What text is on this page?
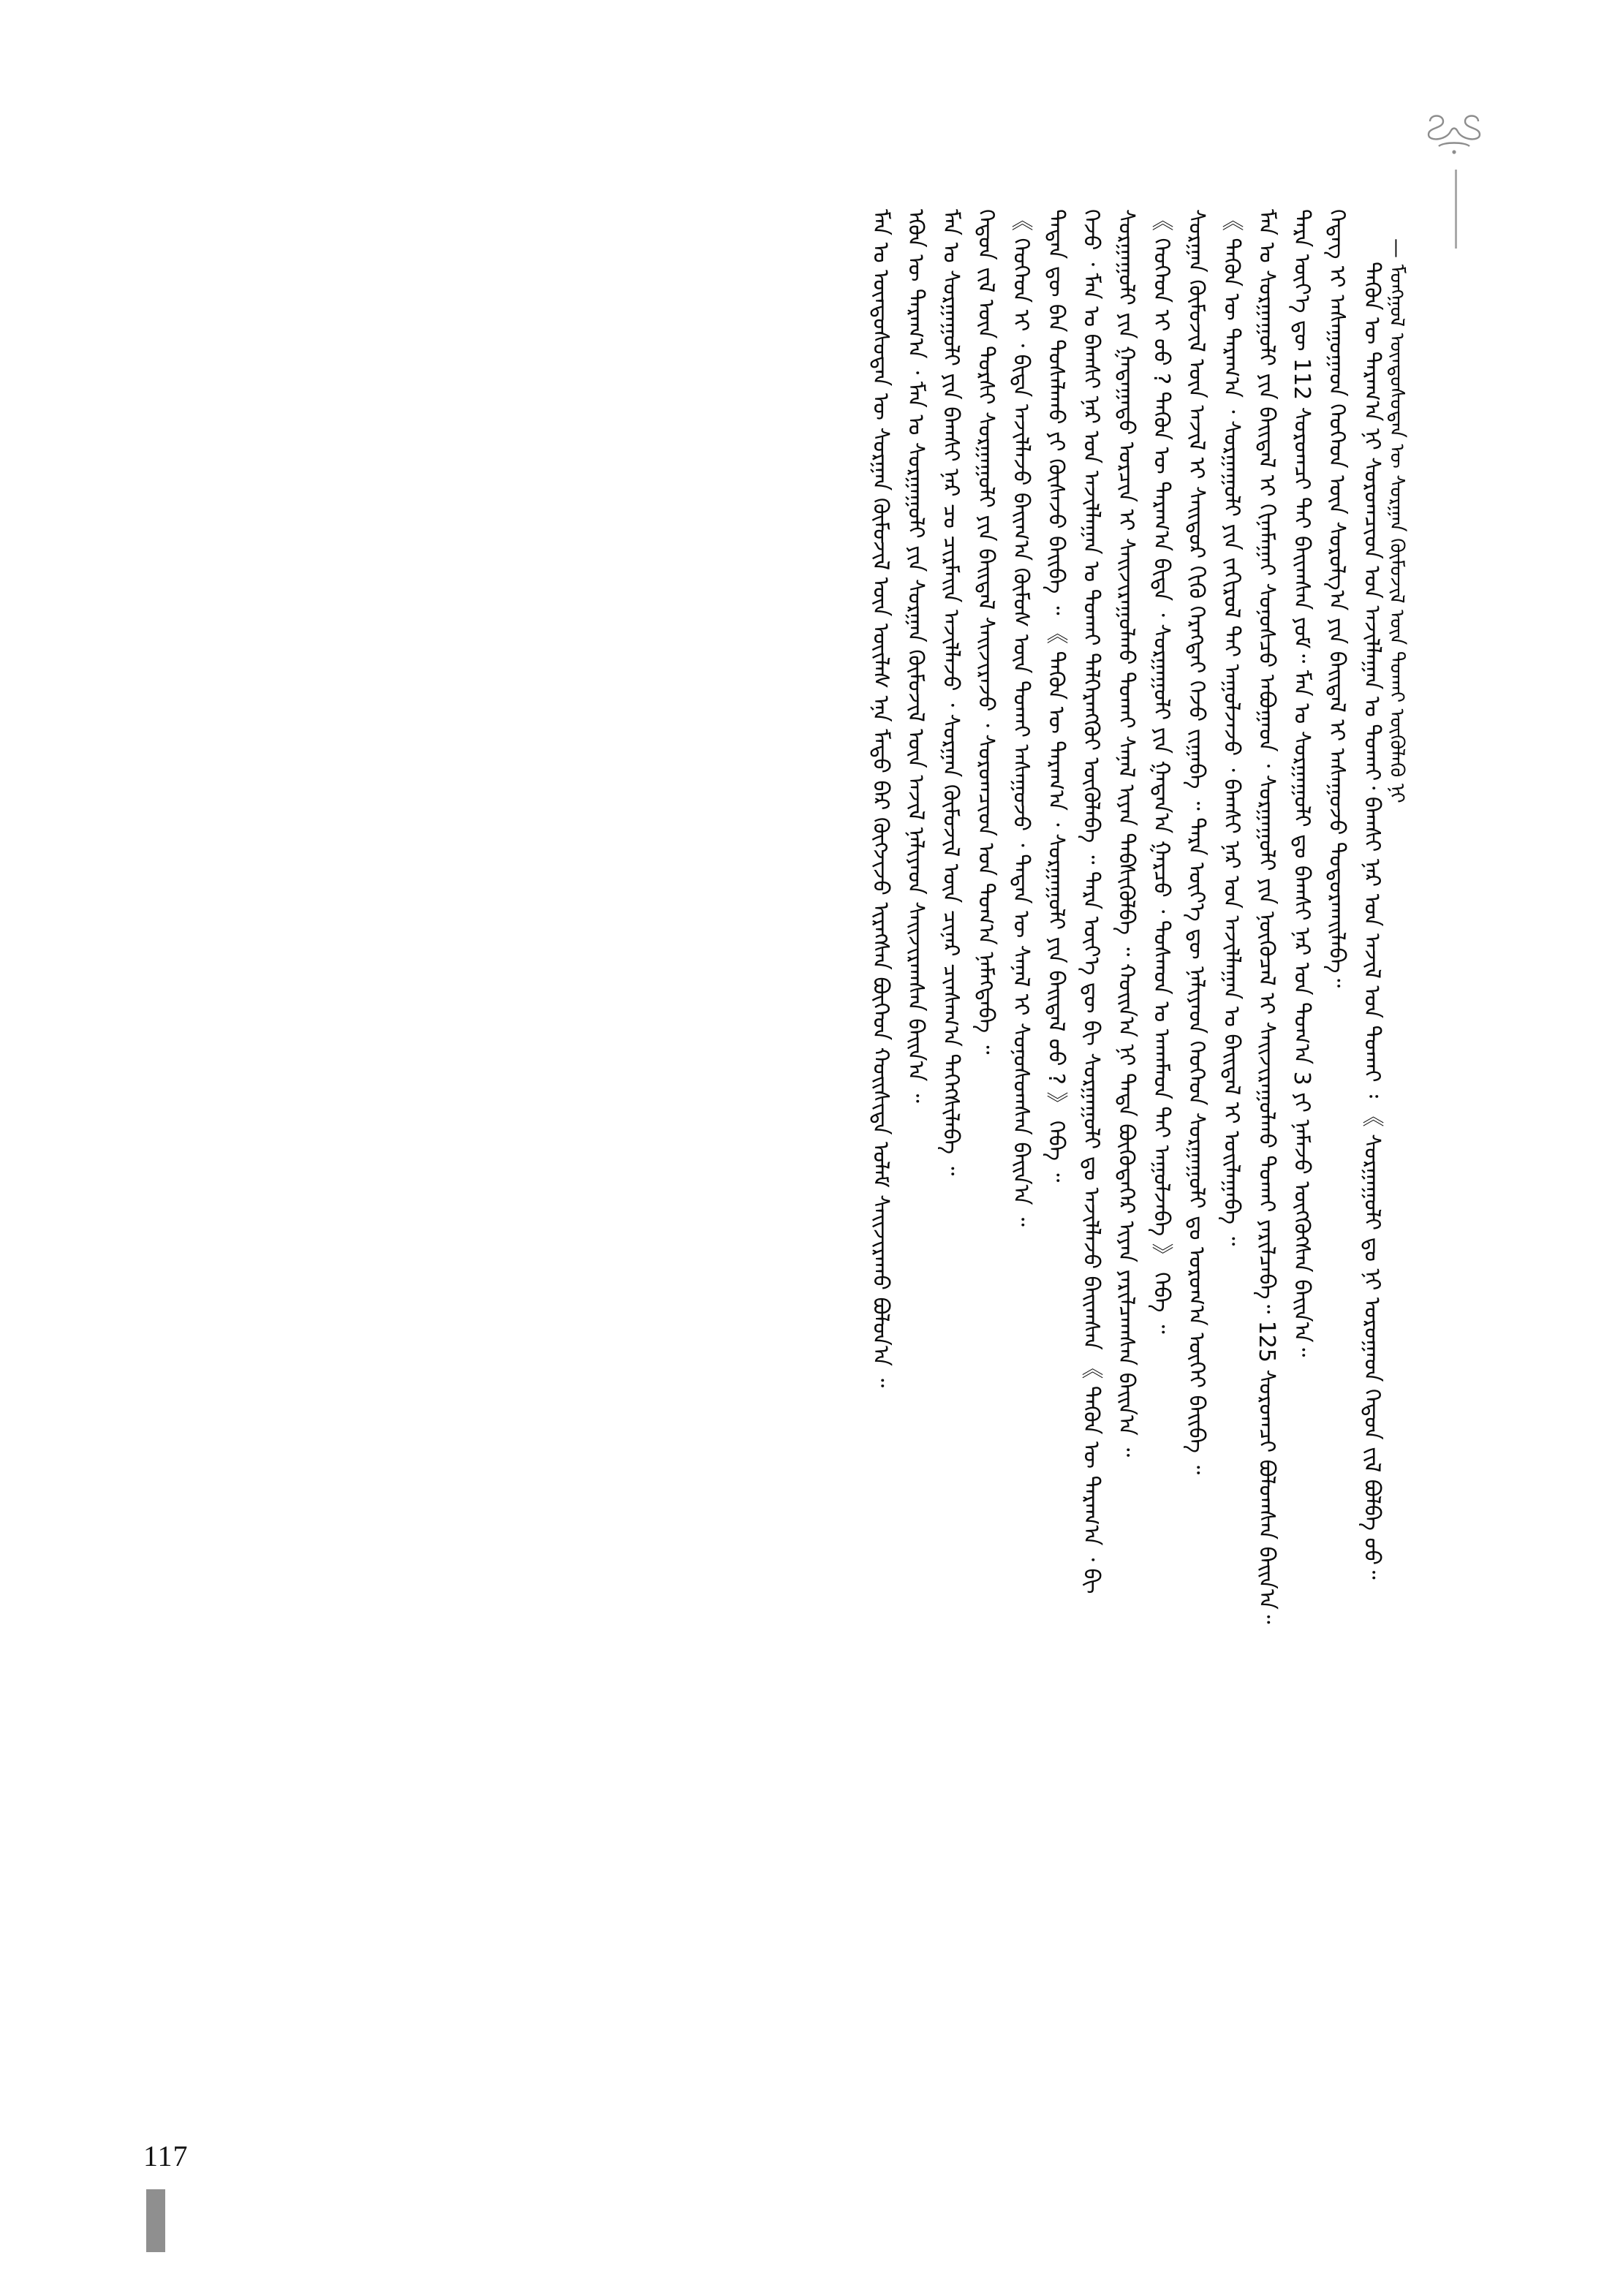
— ᠮᠣᠩᠭᠣᠯ ᠦᠨᠳᠦᠰᠦᠲᠡᠨ ᠦ ᠰᠤᠷᠭᠠᠨ ᠬᠥᠮᠦᠵᠢᠯ ᠦᠨ ᠲᠤᠬᠠᠢ ᠥᠭᠦᠯᠡᠬᠦ ᠨᠢ
ᠲᠡᠭᠦᠨ ᠦ ᠳᠠᠷᠠᠭ᠎ᠠ ᠨᠢ ᠰᠤᠷᠤᠭᠴᠢᠳ ᠤᠨ ᠠᠵᠢᠯᠯᠠᠭᠠᠨ ᠤ ᠲᠤᠬᠠᠢ᠂ ᠪᠠᠭᠰᠢ ᠨᠠᠷ ᠤᠨ ᠠᠵᠢᠯ ᠤᠨ ᠲᠤᠬᠠᠢ ᠄ 《 ᠰᠤᠷᠭᠠᠭᠤᠯᠢ ᠳᠤ ᠨᠢ ᠣᠷᠣᠭᠠᠳ ᠬᠡᠳᠦᠨ ᠵᠢᠯ ᠪᠣᠯᠪᠠ ᠤᠤ᠃
ᠭᠡᠳᠡᠭ ᠢ ᠠᠰᠠᠭᠤᠭᠠᠳ ᠬᠡᠦᠬᠡᠳ ᠦᠨ ᠰᠤᠷᠤᠯᠭ᠎ᠠ ᠶᠢᠨ ᠪᠠᠢᠳᠠᠯ ᠢ ᠠᠰᠠᠭᠤᠵᠤ ᠲᠣᠳᠣᠷᠬᠠᠢᠯᠠᠪᠠ᠃
ᠲᠡᠷᠡ ᠦᠶ᠎ᠡ ᠳᠦ 112 ᠰᠤᠷᠤᠭᠴᠢ ᠲᠠᠢ ᠪᠠᠢᠭᠰᠠᠨ ᠶᠤᠮ᠃ ᠮᠠᠨ ᠤ ᠰᠤᠷᠭᠠᠭᠤᠯᠢ ᠳᠤ ᠪᠠᠭᠰᠢ ᠨᠠᠷ ᠤᠨ ᠲᠣᠭ᠎ᠠ 3 ᠶᠢ ᠨᠡᠮᠡᠵᠦ ᠥᠭᠭᠦᠭᠰᠡᠨ ᠪᠠᠢᠨ᠎ᠠ᠃
ᠮᠠᠨ ᠤ ᠰᠤᠷᠭᠠᠭᠤᠯᠢ ᠶᠢᠨ ᠪᠠᠢᠳᠠᠯ ᠢ ᠬᠢᠨᠠᠮᠠᠭᠠᠢ ᠰᠣᠨᠣᠰᠴᠤ ᠠᠪᠤᠭᠠᠳ ᠂ ᠰᠤᠷᠭᠠᠭᠤᠯᠢ ᠶᠢᠨ ᠨᠥᠬᠥᠴᠡᠯ ᠢ ᠰᠠᠢᠵᠢᠷᠠᠭᠤᠯᠬᠤ ᠲᠤᠬᠠᠢ ᠶᠠᠷᠢᠯᠴᠠᠪᠠ᠃ 125 ᠰᠤᠷᠤᠭᠴᠢ ᠪᠣᠯᠤᠭᠰᠠᠨ ᠪᠠᠢᠨ᠎ᠠ᠃
《 ᠲᠡᠭᠦᠨ ᠦ ᠳᠠᠷᠠᠭ᠎ᠠ ᠂ ᠰᠤᠷᠭᠠᠭᠤᠯᠢ ᠶᠢᠨ ᠵᠠᠬᠢᠷᠤᠯ ᠲᠠᠢ ᠠᠭᠤᠯᠵᠠᠵᠤ ᠂ ᠪᠠᠭᠰᠢ ᠨᠠᠷ ᠤᠨ ᠠᠵᠢᠯᠯᠠᠭᠠᠨ ᠤ ᠪᠠᠢᠳᠠᠯ ᠢ ᠤᠢᠯᠠᠭᠠᠪᠠ ᠃
ᠰᠤᠷᠭᠠᠨ ᠬᠥᠮᠦᠵᠢᠯ ᠦᠨ ᠠᠵᠢᠯ ᠢ ᠰᠠᠢᠲᠤᠷ ᠬᠢᠬᠦ ᠬᠡᠷᠡᠭᠲᠡᠢ ᠭᠡᠵᠦ ᠵᠢᠭᠠᠪᠠ ᠃ ᠲᠡᠷᠡ ᠦᠶ᠎ᠡ ᠳᠦ ᠨᠡᠯᠢᠶᠡᠳ ᠬᠡᠦᠬᠡᠳ ᠰᠤᠷᠭᠠᠭᠤᠯᠢ ᠳᠤ ᠣᠷᠣᠭ᠎ᠠ ᠦᠭᠡᠢ ᠪᠠᠢᠪᠠ ᠃
《 ᠬᠡᠦᠬᠡᠳ ᠢ ᠤᠤ ? ᠲᠡᠭᠦᠨ ᠦ ᠳᠠᠷᠠᠭ᠎ᠠ ᠪᠢᠳᠡ ᠂ ᠰᠤᠷᠭᠠᠭᠤᠯᠢ ᠶᠢᠨ ᠭᠠᠳᠠᠨ᠎ᠠ ᠭᠠᠷᠴᠤ ᠂ ᠲᠣᠰᠬᠣᠨ ᠤ ᠠᠬᠠᠮᠠᠳ ᠲᠠᠢ ᠠᠭᠤᠯᠵᠠᠪᠠ 》 ᠭᠡᠪᠡ ᠃
ᠰᠤᠷᠭᠠᠭᠤᠯᠢ ᠶᠢᠨ ᠭᠠᠳᠠᠭᠠᠳᠤ ᠣᠷᠴᠢᠨ ᠢ ᠰᠠᠢᠵᠢᠷᠠᠭᠤᠯᠬᠤ ᠲᠤᠬᠠᠢ ᠰᠠᠨᠠᠯ ᠢᠶᠠᠨ ᠳᠡᠪᠰᠢᠭᠦᠯᠪᠡ ᠃ ᠬᠣᠢᠨ᠎ᠠ ᠨᠢ ᠲᠡᠳᠡ ᠪᠥᠬᠦᠳᠡᠭᠡᠷ ᠢᠶᠡᠨ ᠶᠠᠷᠢᠯᠴᠠᠭᠰᠠᠨ ᠪᠠᠢᠨ᠎ᠠ ᠃
ᠭᠡᠵᠦ ᠂ ᠮᠠᠨ ᠤ ᠪᠠᠭᠰᠢ ᠨᠠᠷ ᠤᠨ ᠠᠵᠢᠯᠯᠠᠭᠠᠨ ᠤ ᠲᠤᠬᠠᠢ ᠳᠡᠯᠭᠡᠷᠡᠩᠭᠦᠢ ᠥᠭᠦᠯᠡᠪᠡ ᠃ ᠲᠡᠷᠡ ᠦᠶ᠎ᠡ ᠳᠦ ᠪᠢ ᠰᠤᠷᠭᠠᠭᠤᠯᠢ ᠳᠤ ᠠᠵᠢᠯᠯᠠᠵᠤ ᠪᠠᠢᠭᠰᠠᠨ 《 ᠲᠡᠭᠦᠨ ᠦ ᠳᠠᠷᠠᠭ᠎ᠠ ᠂ ᠪᠢ
ᠲᠡᠳᠡᠨ ᠳᠦ ᠪᠡᠨ ᠲᠤᠰᠠᠯᠠᠬᠤ ᠶᠢ ᠬᠦᠰᠡᠵᠦ ᠪᠠᠢᠪᠠ ᠃ 《 ᠲᠡᠭᠦᠨ ᠦ ᠳᠠᠷᠠᠭ᠎ᠠ ᠂ ᠰᠤᠷᠭᠠᠭᠤᠯᠢ ᠶᠢᠨ ᠪᠠᠢᠳᠠᠯ ᠤᠤ ? 》 ᠭᠡᠪᠡ ᠃
《 ᠬᠡᠦᠬᠡᠳ ᠢ ᠂ ᠪᠢᠳᠡ ᠠᠵᠢᠯᠯᠠᠵᠤ ᠪᠠᠢᠭ᠎ᠠ ᠬᠥᠮᠦᠰ ᠦᠨ ᠲᠤᠬᠠᠢ ᠠᠰᠠᠭᠤᠵᠤ ᠂ ᠲᠡᠳᠡᠨ ᠦ ᠰᠠᠨᠠᠯ ᠢ ᠰᠣᠨᠣᠰᠤᠭᠰᠠᠨ ᠪᠠᠢᠨ᠎ᠠ ᠃
ᠬᠡᠳᠦᠨ ᠵᠢᠯ ᠦᠨ ᠲᠤᠷᠰᠢ ᠰᠤᠷᠭᠠᠭᠤᠯᠢ ᠶᠢᠨ ᠪᠠᠢᠳᠠᠯ ᠰᠠᠢᠵᠢᠷᠠᠵᠤ ᠂ ᠰᠤᠷᠤᠭᠴᠢᠳ ᠤᠨ ᠲᠣᠭ᠎ᠠ ᠨᠡᠮᠡᠭᠳᠡᠪᠡ ᠃
ᠮᠠᠨ ᠤ ᠰᠤᠷᠭᠠᠭᠤᠯᠢ ᠶᠢᠨ ᠪᠠᠭᠰᠢ ᠨᠠᠷ ᠴᠤ ᠴᠢᠷᠮᠠᠢᠨ ᠠᠵᠢᠯᠯᠠᠵᠤ ᠂ ᠰᠤᠷᠭᠠᠨ ᠬᠥᠮᠦᠵᠢᠯ ᠦᠨ ᠴᠢᠨᠠᠷ ᠴᠢᠨᠰᠠᠭ᠎ᠠ ᠳᠡᠭᠡᠭᠰᠢᠯᠡᠪᠡ ᠃
ᠡᠭᠦᠨ ᠦ ᠳᠠᠷᠠᠭ᠎ᠠ ᠂ ᠮᠠᠨ ᠤ ᠰᠤᠷᠭᠠᠭᠤᠯᠢ ᠶᠢᠨ ᠰᠤᠷᠭᠠᠨ ᠬᠥᠮᠦᠵᠢᠯ ᠦᠨ ᠠᠵᠢᠯ ᠨᠡᠯᠢᠶᠡᠳ ᠰᠠᠢᠵᠢᠷᠠᠭᠰᠠᠨ ᠪᠠᠢᠨ᠎ᠠ ᠃
ᠮᠠᠨ ᠤ ᠦᠨᠳᠦᠰᠦᠲᠡᠨ ᠦ ᠰᠤᠷᠭᠠᠨ ᠬᠥᠮᠦᠵᠢᠯ ᠦᠨ ᠦᠢᠯᠡᠰ ᠡᠨᠡ ᠮᠡᠲᠦ ᠪᠡᠷ ᠬᠥᠭᠵᠢᠵᠦ ᠢᠷᠡᠭᠰᠡᠨ ᠪᠥᠭᠡᠳ ᠬᠣᠢᠰᠢᠳᠠ ᠤᠯᠠᠮ ᠰᠠᠢᠵᠢᠷᠠᠬᠤ ᠪᠣᠯᠤᠨ᠎ᠠ ᠃
117
